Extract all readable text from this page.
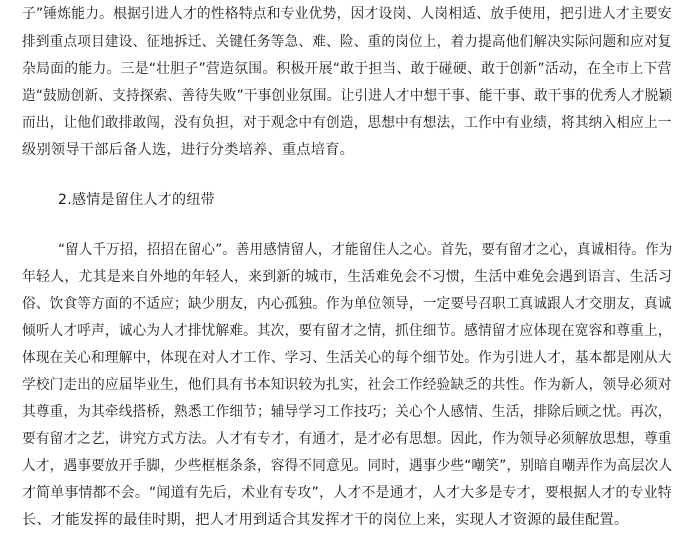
子”锤炼能力。根据引进人才的性格特点和专业优势，因才设岗、人岗相适、放手使用，把引进人才主要安
排到重点项目建设、征地拆迁、关键任务等急、难、险、重的岗位上，着力提高他们解决实际问题和应对复
杂局面的能力。三是“壮胆子”营造氛围。积极开展“敢于担当、敢于碰硬、敢于创新”活动，在全市上下营
造“鼓励创新、支持探索、善待失败”干事创业氛围。让引进人才中想干事、能干事、敢干事的优秀人才脱颖
而出，让他们敢排敢闯，没有负担，对于观念中有创造，思想中有想法，工作中有业绩，将其纳入相应上一
级别领导干部后备人选，进行分类培养、重点培育。
2.感情是留住人才的纽带
“留人千万招，招招在留心”。善用感情留人，才能留住人之心。首先，要有留才之心，真诚相待。作为
年轻人，尤其是来自外地的年轻人，来到新的城市，生活难免会不习惯，生活中难免会遇到语言、生活习
俗、饮食等方面的不适应；缺少朋友，内心孤独。作为单位领导，一定要号召职工真诚跟人才交朋友，真诚
倾听人才呼声，诚心为人才排忧解难。其次，要有留才之情，抓住细节。感情留才应体现在宽容和尊重上，
体现在关心和理解中，体现在对人才工作、学习、生活关心的每个细节处。作为引进人才，基本都是刚从大
学校门走出的应届毕业生，他们具有书本知识较为扎实，社会工作经验缺乏的共性。作为新人，领导必须对
其尊重，为其牵线搭桥，熟悉工作细节；辅导学习工作技巧；关心个人感情、生活，排除后顾之忧。再次，
要有留才之艺，讲究方式方法。人才有专才，有通才，是才必有思想。因此，作为领导必须解放思想，尊重
人才，遇事要放开手脚，少些框框条条，容得不同意见。同时，遇事少些“嘲笑”，别暗自嘲弄作为高层次人
才简单事情都不会。“闻道有先后，术业有专攻”，人才不是通才，人才大多是专才，要根据人才的专业特
长、才能发挥的最佳时期，把人才用到适合其发挥才干的岗位上来，实现人才资源的最佳配置。
